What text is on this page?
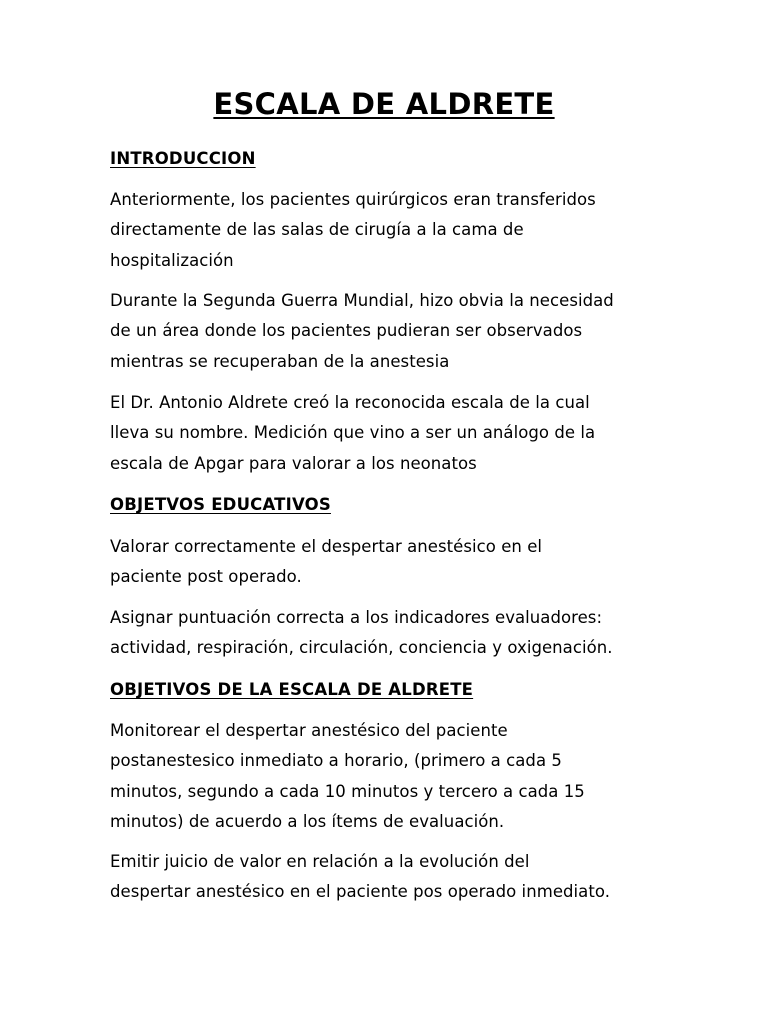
ESCALA DE ALDRETE
INTRODUCCION

Anteriormente, los pacientes quirúrgicos eran transferidos
directamente de las salas de cirugía a la cama de
hospitalización

Durante la Segunda Guerra Mundial, hizo obvia la necesidad
de un área donde los pacientes pudieran ser observados
mientras se recuperaban de la anestesia

El Dr. Antonio Aldrete creó la reconocida escala de la cual
lleva su nombre. Medición que vino a ser un análogo de la
escala de Apgar para valorar a los neonatos

OBJETVOS EDUCATIVOS

Valorar correctamente el despertar anestésico en el
paciente post operado.

Asignar puntuación correcta a los indicadores evaluadores:
actividad, respiración, circulación, conciencia y oxigenación.

OBJETIVOS DE LA ESCALA DE ALDRETE

Monitorear el despertar anestésico del paciente
postanestesico inmediato a horario, (primero a cada 5
minutos, segundo a cada 10 minutos y tercero a cada 15
minutos) de acuerdo a los ítems de evaluación.

Emitir juicio de valor en relación a la evolución del
despertar anestésico en el paciente pos operado inmediato.
